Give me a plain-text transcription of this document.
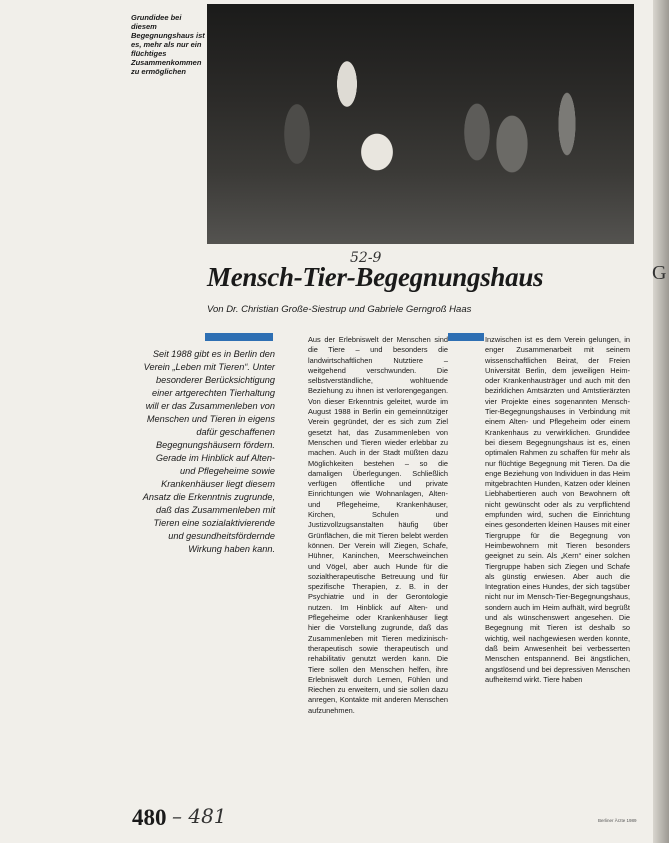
Grundidee bei diesem Begegnungshaus ist es, mehr als nur ein flüchtiges Zusammenkommen zu ermöglichen

52-9
Mensch-Tier-Begegnungshaus

Von Dr. Christian Große-Siestrup und Gabriele Gerngroß Haas

Seit 1988 gibt es in Berlin den Verein „Leben mit Tieren“. Unter besonderer Berücksichtigung einer artgerechten Tierhaltung will er das Zusammenleben von Menschen und Tieren in eigens dafür geschaffenen Begegnungshäusern fördern. Gerade im Hinblick auf Alten- und Pflegeheime sowie Krankenhäuser liegt diesem Ansatz die Erkenntnis zugrunde, daß das Zusammenleben mit Tieren eine sozialaktivierende und gesundheitsfördernde Wirkung haben kann.

Aus der Erlebniswelt der Menschen sind die Tiere – und besonders die landwirtschaftlichen Nutztiere – weitgehend verschwunden. Die selbstverständliche, wohltuende Beziehung zu ihnen ist verlorengegangen. Von dieser Erkenntnis geleitet, wurde im August 1988 in Berlin ein gemeinnütziger Verein gegründet, der es sich zum Ziel gesetzt hat, das Zusammenleben von Menschen und Tieren wieder erlebbar zu machen. Auch in der Stadt müßten dazu Möglichkeiten bestehen – so die damaligen Überlegungen. Schließlich verfügen öffentliche und private Einrichtungen wie Wohnanlagen, Alten- und Pflegeheime, Krankenhäuser, Kirchen, Schulen und Justizvollzugsanstalten häufig über Grünflächen, die mit Tieren belebt werden können. Der Verein will Ziegen, Schafe, Hühner, Kaninchen, Meerschweinchen und Vögel, aber auch Hunde für die sozialtherapeutische Betreuung und für spezifische Therapien, z. B. in der Psychiatrie und in der Gerontologie nutzen. Im Hinblick auf Alten- und Pflegeheime oder Krankenhäuser liegt hier die Vorstellung zugrunde, daß das Zusammenleben mit Tieren medizinisch-therapeutisch sowie therapeutisch und rehabilitativ genutzt werden kann. Die Tiere sollen den Menschen helfen, ihre Erlebniswelt durch Lernen, Fühlen und Riechen zu erweitern, und sie sollen dazu anregen, Kontakte mit anderen Menschen aufzunehmen.

Inzwischen ist es dem Verein gelungen, in enger Zusammenarbeit mit seinem wissenschaftlichen Beirat, der Freien Universität Berlin, dem jeweiligen Heim- oder Krankenhausträger und auch mit den bezirklichen Amtsärzten und Amtstierärzten vier Projekte eines sogenannten Mensch-Tier-Begegnungshauses in Verbindung mit einem Alten- und Pflegeheim oder einem Krankenhaus zu verwirklichen. Grundidee bei diesem Begegnungshaus ist es, einen optimalen Rahmen zu schaffen für mehr als nur flüchtige Begegnung mit Tieren. Da die enge Beziehung von Individuen in das Heim mitgebrachten Hunden, Katzen oder kleinen Liebhabertieren auch von Bewohnern oft nicht gewünscht oder als zu verpflichtend empfunden wird, suchen die Einrichtung eines gesonderten kleinen Hauses mit einer Tiergruppe für die Begegnung von Heimbewohnern mit Tieren besonders geeignet zu sein. Als „Kern“ einer solchen Tiergruppe haben sich Ziegen und Schafe als günstig erwiesen. Aber auch die Integration eines Hundes, der sich tagsüber nicht nur im Mensch-Tier-Begegnungshaus, sondern auch im Heim aufhält, wird begrüßt und als wünschenswert angesehen. Die Begegnung mit Tieren ist deshalb so wichtig, weil nachgewiesen werden konnte, daß beim Anwesenheit bei verbesserten Menschen entspannend. Bei ängstlichen, angstlösend und bei depressiven Menschen aufheiternd wirkt. Tiere haben

480 – 481	Berliner Ärzte 1989

G
